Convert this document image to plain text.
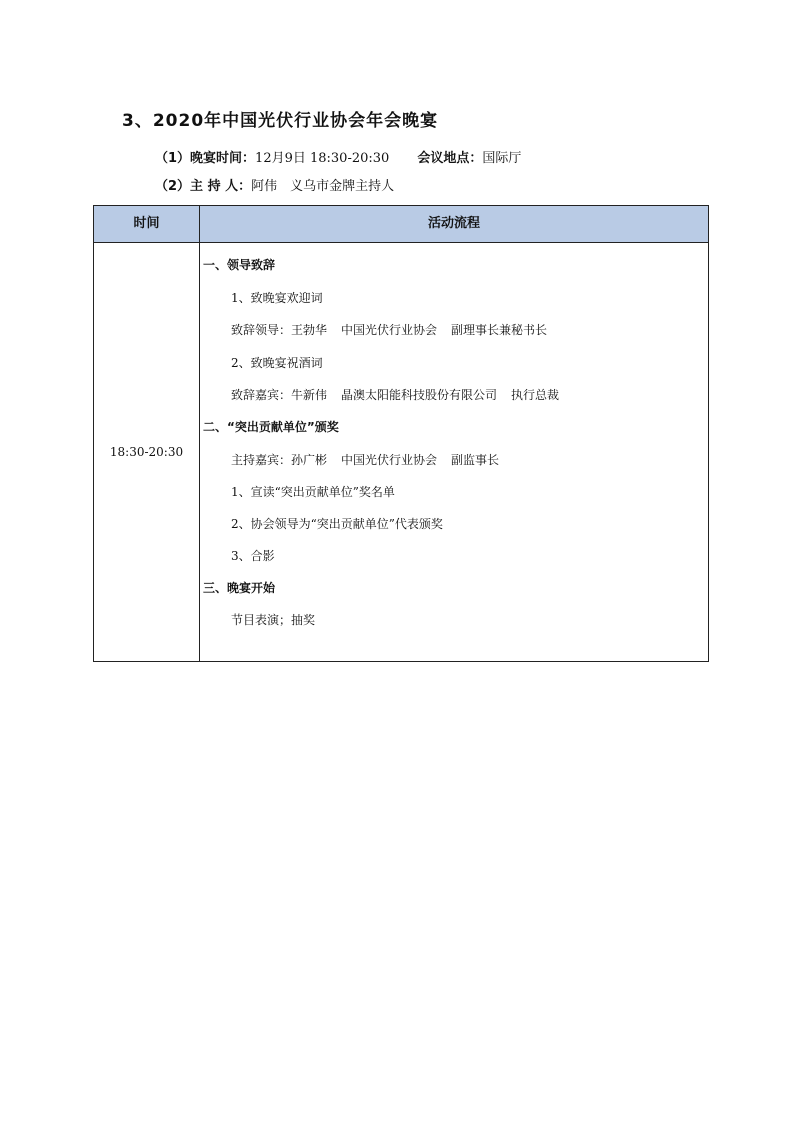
3、2020年中国光伏行业协会年会晚宴
（1）晚宴时间：12月9日 18:30-20:30 会议地点：国际厅
（2）主 持 人：阿伟　义乌市金牌主持人
时间	活动流程
18:30-20:30
一、领导致辞
1、致晚宴欢迎词
致辞领导：王勃华 中国光伏行业协会 副理事长兼秘书长
2、致晚宴祝酒词
致辞嘉宾：牛新伟 晶澳太阳能科技股份有限公司 执行总裁
二、“突出贡献单位”颁奖
主持嘉宾：孙广彬 中国光伏行业协会 副监事长
1、宣读“突出贡献单位”奖名单
2、协会领导为“突出贡献单位”代表颁奖
3、合影
三、晚宴开始
节目表演；抽奖
